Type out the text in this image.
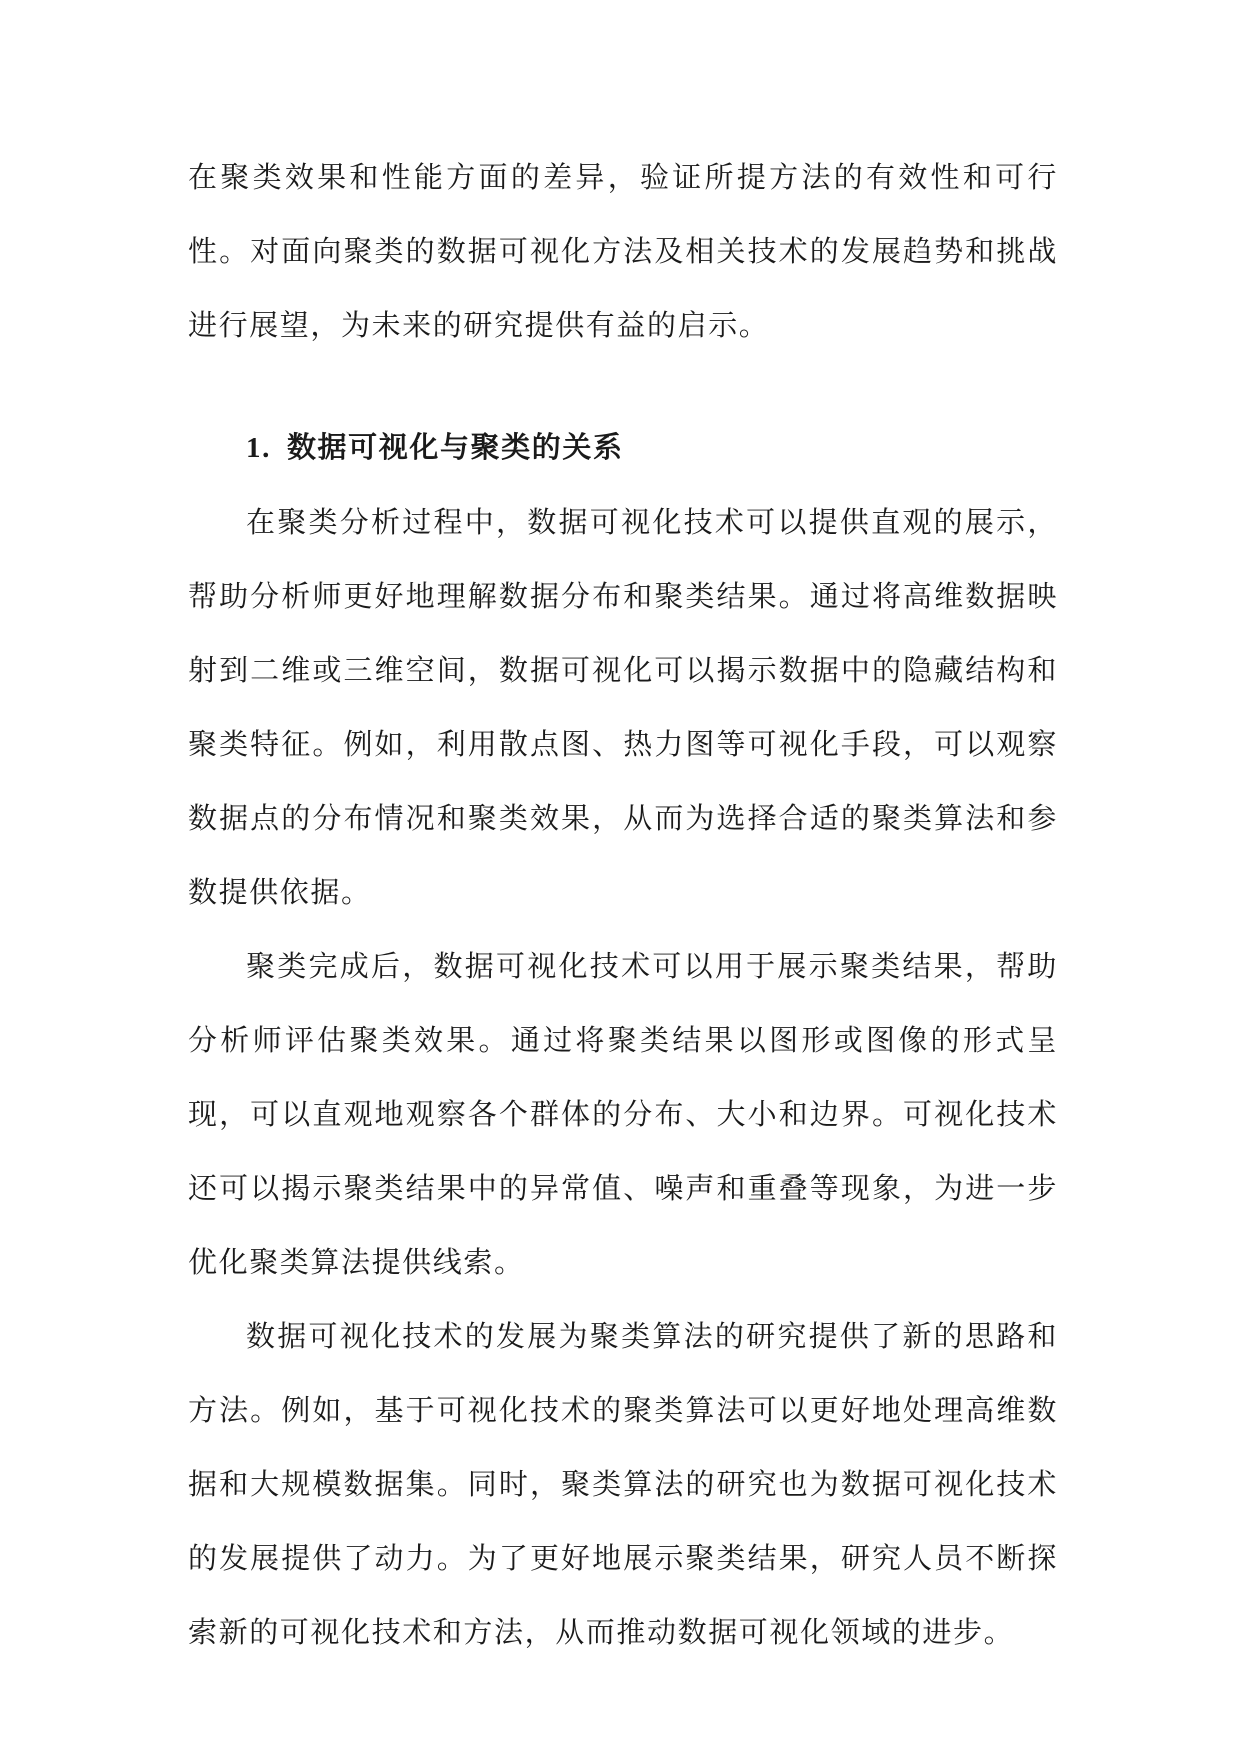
在聚类效果和性能方面的差异，验证所提方法的有效性和可行性。对面向聚类的数据可视化方法及相关技术的发展趋势和挑战进行展望，为未来的研究提供有益的启示。

1. 数据可视化与聚类的关系

在聚类分析过程中，数据可视化技术可以提供直观的展示，帮助分析师更好地理解数据分布和聚类结果。通过将高维数据映射到二维或三维空间，数据可视化可以揭示数据中的隐藏结构和聚类特征。例如，利用散点图、热力图等可视化手段，可以观察数据点的分布情况和聚类效果，从而为选择合适的聚类算法和参数提供依据。

聚类完成后，数据可视化技术可以用于展示聚类结果，帮助分析师评估聚类效果。通过将聚类结果以图形或图像的形式呈现，可以直观地观察各个群体的分布、大小和边界。可视化技术还可以揭示聚类结果中的异常值、噪声和重叠等现象，为进一步优化聚类算法提供线索。

数据可视化技术的发展为聚类算法的研究提供了新的思路和方法。例如，基于可视化技术的聚类算法可以更好地处理高维数据和大规模数据集。同时，聚类算法的研究也为数据可视化技术的发展提供了动力。为了更好地展示聚类结果，研究人员不断探索新的可视化技术和方法，从而推动数据可视化领域的进步。
